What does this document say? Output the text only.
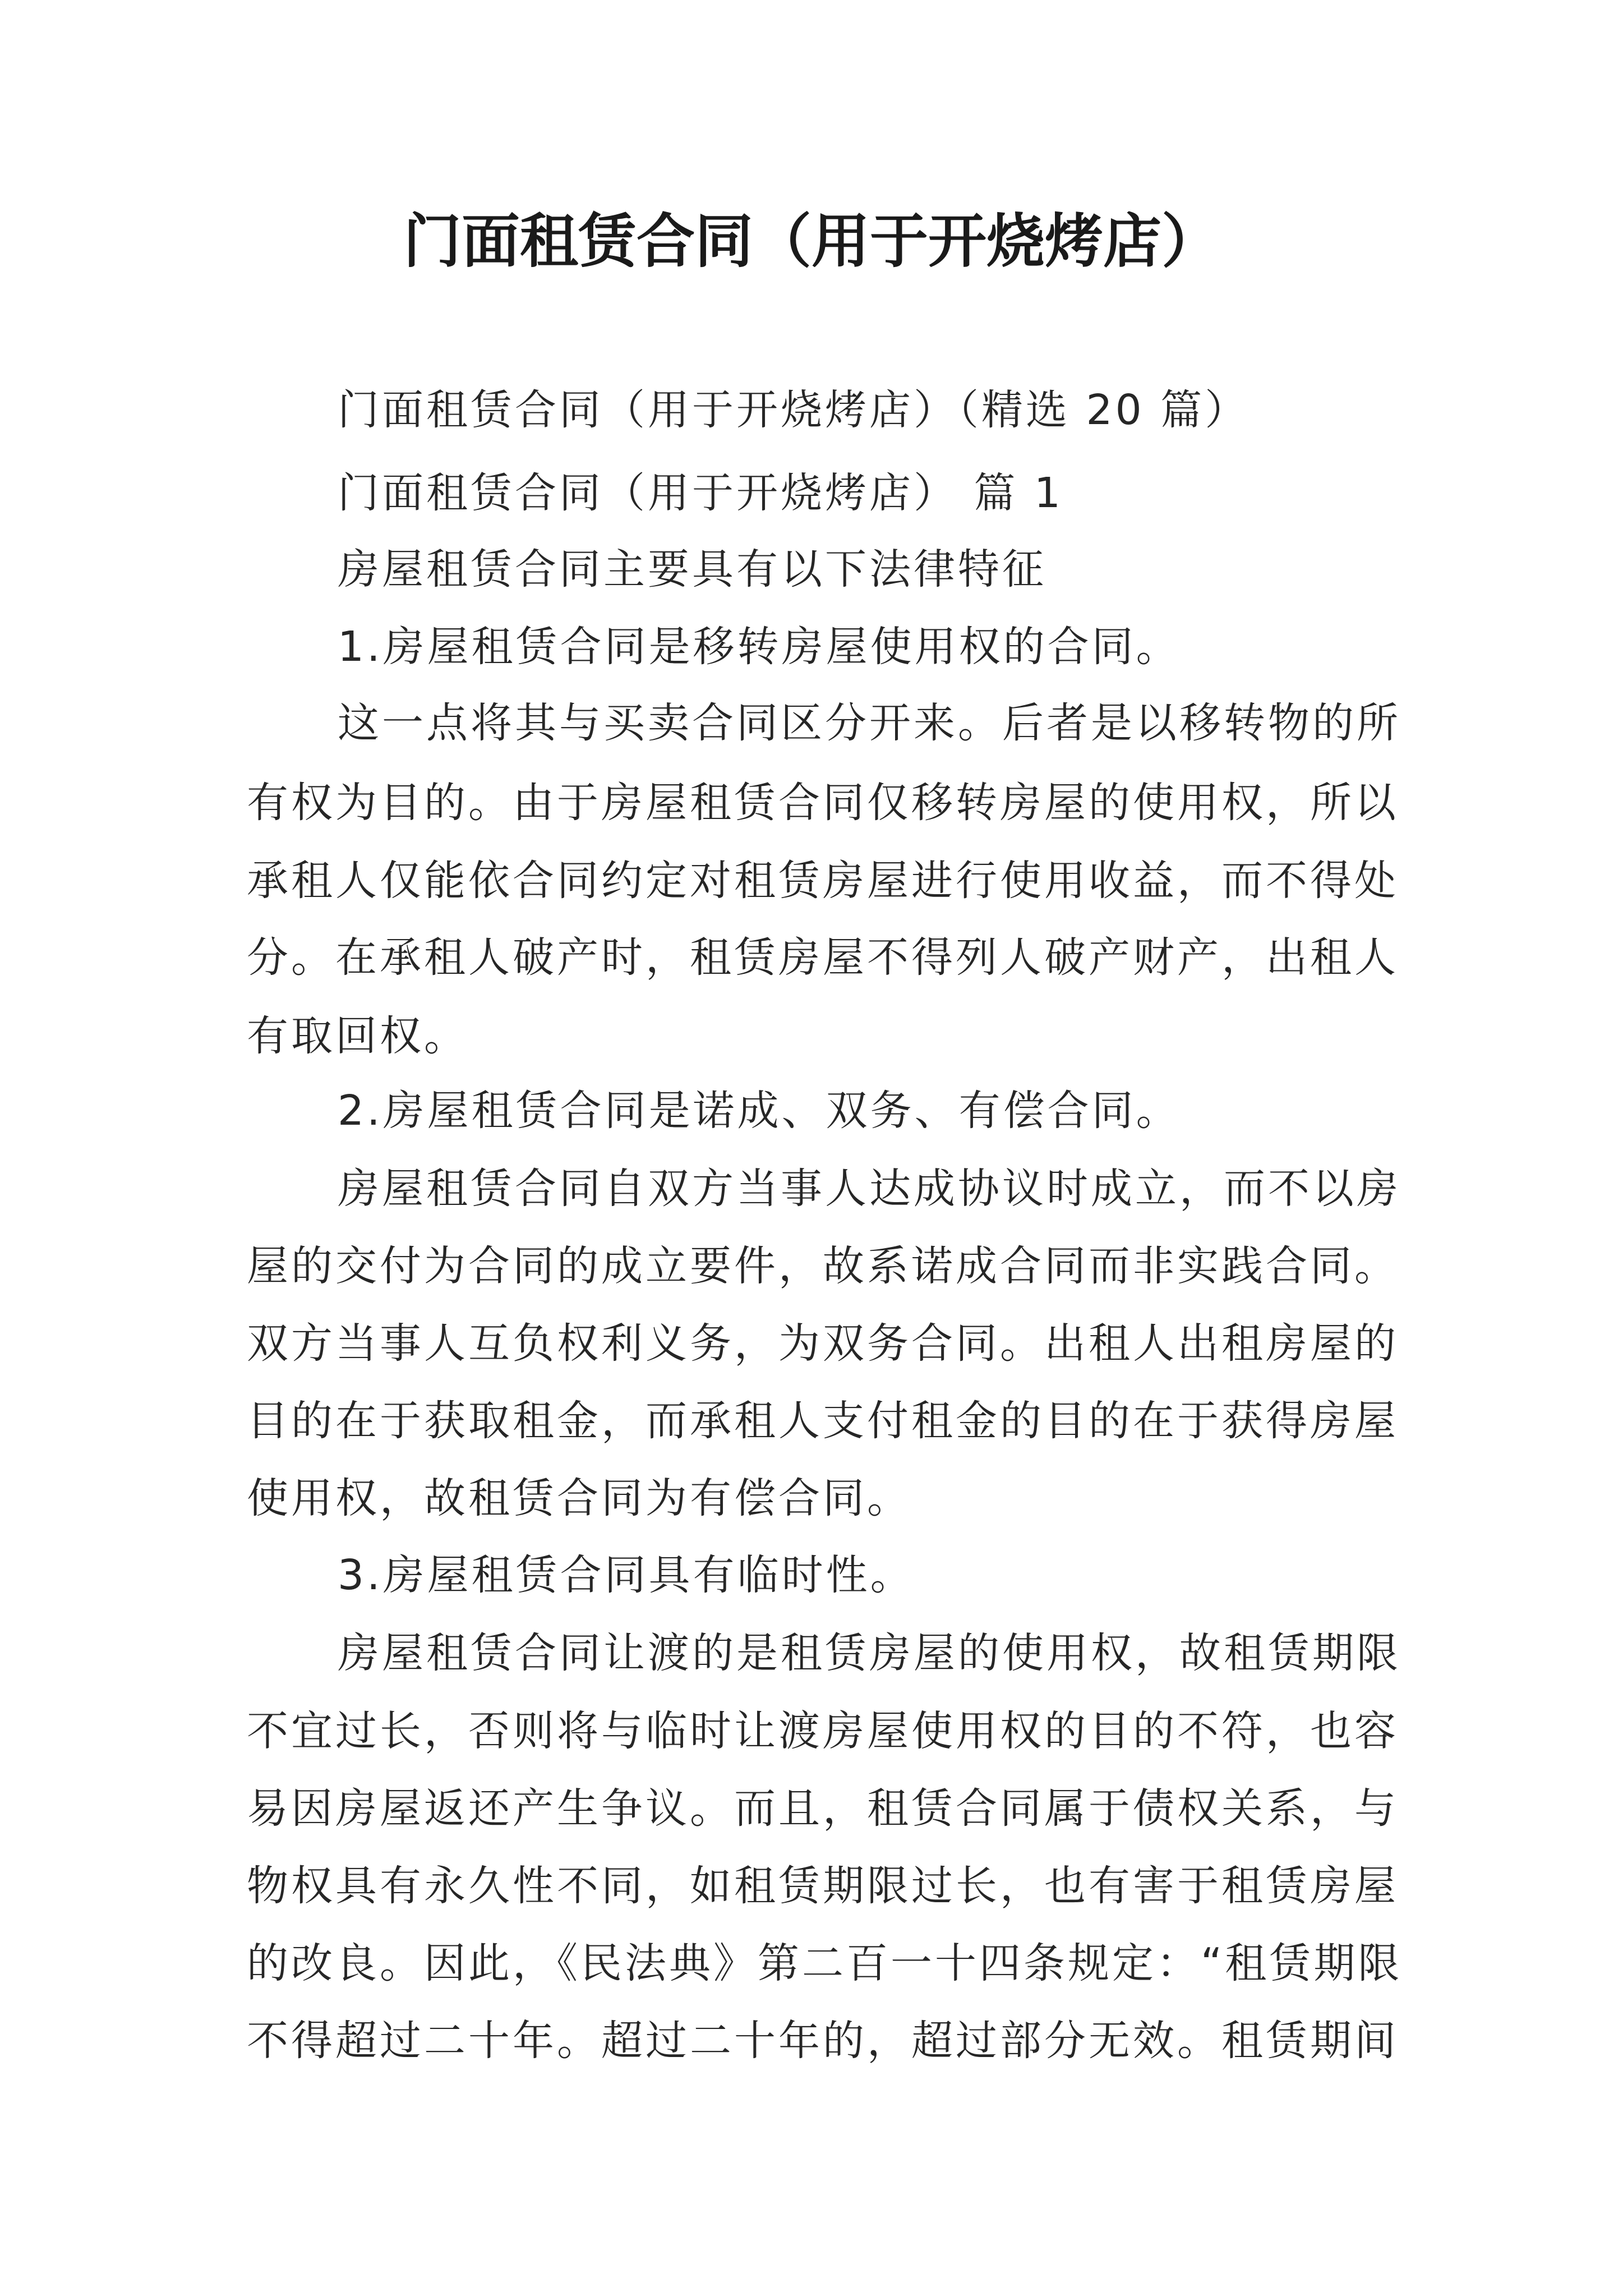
门面租赁合同（用于开烧烤店）
门面租赁合同（用于开烧烤店）（精选 20 篇）
门面租赁合同（用于开烧烤店） 篇 1
房屋租赁合同主要具有以下法律特征
1.房屋租赁合同是移转房屋使用权的合同。
这一点将其与买卖合同区分开来。后者是以移转物的所
有权为目的。由于房屋租赁合同仅移转房屋的使用权，所以
承租人仅能依合同约定对租赁房屋进行使用收益，而不得处
分。在承租人破产时，租赁房屋不得列人破产财产，出租人
有取回权。
2.房屋租赁合同是诺成、双务、有偿合同。
房屋租赁合同自双方当事人达成协议时成立，而不以房
屋的交付为合同的成立要件，故系诺成合同而非实践合同。
双方当事人互负权利义务，为双务合同。出租人出租房屋的
目的在于获取租金，而承租人支付租金的目的在于获得房屋
使用权，故租赁合同为有偿合同。
3.房屋租赁合同具有临时性。
房屋租赁合同让渡的是租赁房屋的使用权，故租赁期限
不宜过长，否则将与临时让渡房屋使用权的目的不符，也容
易因房屋返还产生争议。而且，租赁合同属于债权关系，与
物权具有永久性不同，如租赁期限过长，也有害于租赁房屋
的改良。因此，《民法典》第二百一十四条规定：“租赁期限
不得超过二十年。超过二十年的，超过部分无效。租赁期间
